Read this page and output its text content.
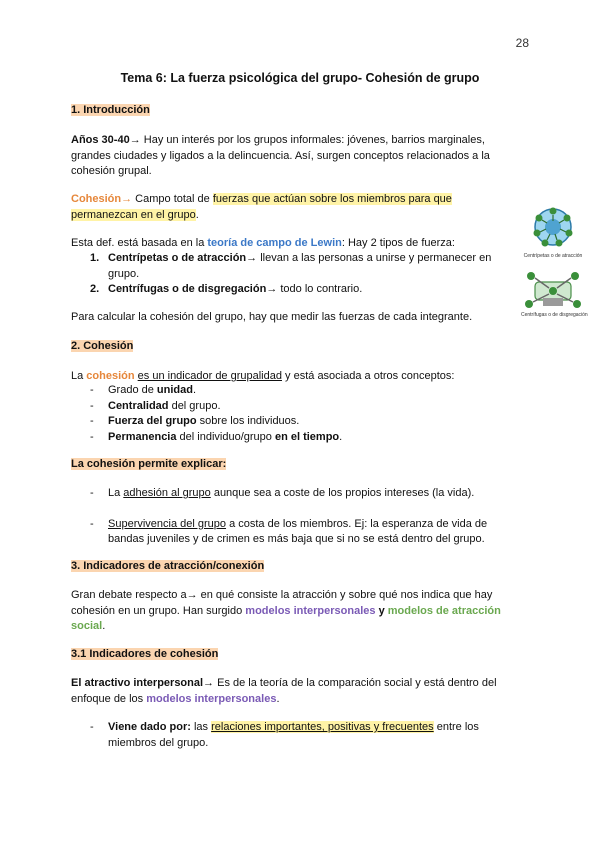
28
Tema 6: La fuerza psicológica del grupo- Cohesión de grupo
1. Introducción
Años 30-40→ Hay un interés por los grupos informales: jóvenes, barrios marginales, grandes ciudades y ligados a la delincuencia. Así, surgen conceptos relacionados a la cohesión grupal.
Cohesión→ Campo total de fuerzas que actúan sobre los miembros para que permanezcan en el grupo.
Esta def. está basada en la teoría de campo de Lewin: Hay 2 tipos de fuerza:
1. Centrípetas o de atracción→ llevan a las personas a unirse y permanecer en grupo.
2. Centrífugas o de disgregación→ todo lo contrario.
Para calcular la cohesión del grupo, hay que medir las fuerzas de cada integrante.
Centrípetas o de atracción
Centrífugas o de disgregación
2. Cohesión
La cohesión es un indicador de grupalidad y está asociada a otros conceptos:
- Grado de unidad.
- Centralidad del grupo.
- Fuerza del grupo sobre los individuos.
- Permanencia del individuo/grupo en el tiempo.
La cohesión permite explicar:
- La adhesión al grupo aunque sea a coste de los propios intereses (la vida).
- Supervivencia del grupo a costa de los miembros. Ej: la esperanza de vida de bandas juveniles y de crimen es más baja que si no se está dentro del grupo.
3. Indicadores de atracción/conexión
Gran debate respecto a→ en qué consiste la atracción y sobre qué nos indica que hay cohesión en un grupo. Han surgido modelos interpersonales y modelos de atracción social.
3.1 Indicadores de cohesión
El atractivo interpersonal→ Es de la teoría de la comparación social y está dentro del enfoque de los modelos interpersonales.
- Viene dado por: las relaciones importantes, positivas y frecuentes entre los miembros del grupo.
